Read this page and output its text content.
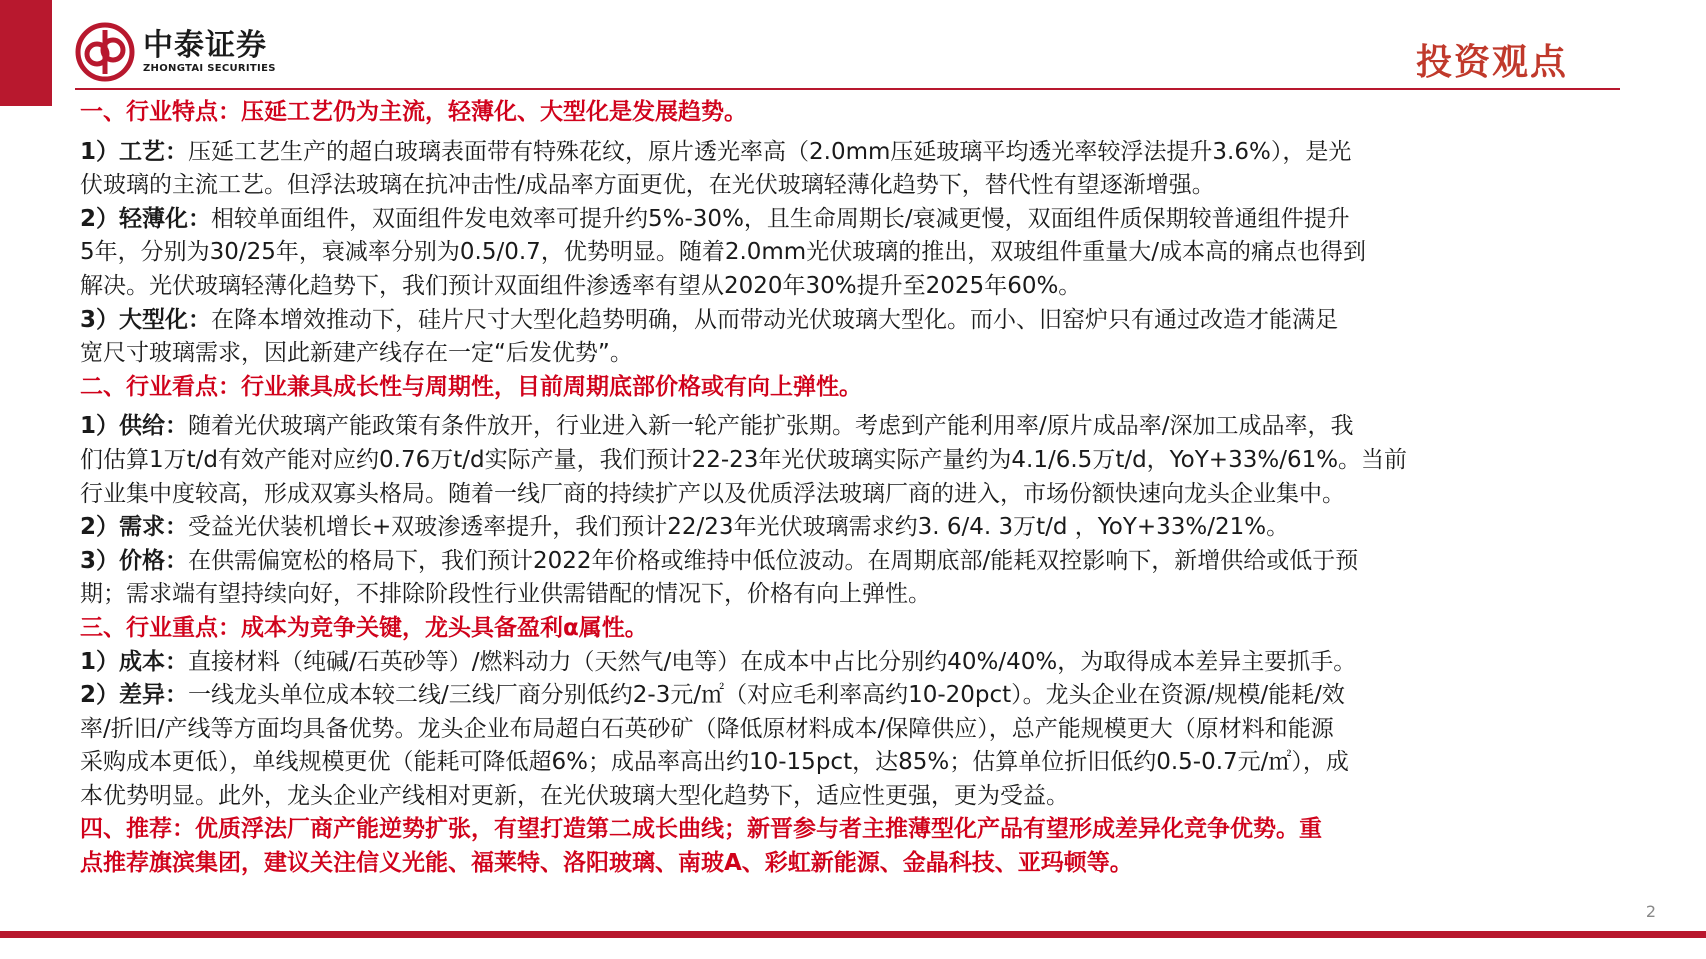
中泰证券
ZHONGTAI SECURITIES	投资观点
一、行业特点：压延工艺仍为主流，轻薄化、大型化是发展趋势。
1）工艺：压延工艺生产的超白玻璃表面带有特殊花纹，原片透光率高（2.0mm压延玻璃平均透光率较浮法提升3.6%），是光
伏玻璃的主流工艺。但浮法玻璃在抗冲击性/成品率方面更优，在光伏玻璃轻薄化趋势下，替代性有望逐渐增强。
2）轻薄化：相较单面组件，双面组件发电效率可提升约5%-30%，且生命周期长/衰减更慢，双面组件质保期较普通组件提升
5年，分别为30/25年，衰减率分别为0.5/0.7，优势明显。随着2.0mm光伏玻璃的推出，双玻组件重量大/成本高的痛点也得到
解决。光伏玻璃轻薄化趋势下，我们预计双面组件渗透率有望从2020年30%提升至2025年60%。
3）大型化：在降本增效推动下，硅片尺寸大型化趋势明确，从而带动光伏玻璃大型化。而小、旧窑炉只有通过改造才能满足
宽尺寸玻璃需求，因此新建产线存在一定“后发优势”。
二、行业看点：行业兼具成长性与周期性，目前周期底部价格或有向上弹性。
1）供给：随着光伏玻璃产能政策有条件放开，行业进入新一轮产能扩张期。考虑到产能利用率/原片成品率/深加工成品率，我
们估算1万t/d有效产能对应约0.76万t/d实际产量，我们预计22-23年光伏玻璃实际产量约为4.1/6.5万t/d，YoY+33%/61%。当前
行业集中度较高，形成双寡头格局。随着一线厂商的持续扩产以及优质浮法玻璃厂商的进入，市场份额快速向龙头企业集中。
2）需求：受益光伏装机增长+双玻渗透率提升，我们预计22/23年光伏玻璃需求约3. 6/4. 3万t/d ，YoY+33%/21%。
3）价格：在供需偏宽松的格局下，我们预计2022年价格或维持中低位波动。在周期底部/能耗双控影响下，新增供给或低于预
期；需求端有望持续向好，不排除阶段性行业供需错配的情况下，价格有向上弹性。
三、行业重点：成本为竞争关键，龙头具备盈利α属性。
1）成本：直接材料（纯碱/石英砂等）/燃料动力（天然气/电等）在成本中占比分别约40%/40%，为取得成本差异主要抓手。
2）差异：一线龙头单位成本较二线/三线厂商分别低约2-3元/㎡（对应毛利率高约10-20pct）。龙头企业在资源/规模/能耗/效
率/折旧/产线等方面均具备优势。龙头企业布局超白石英砂矿（降低原材料成本/保障供应），总产能规模更大（原材料和能源
采购成本更低），单线规模更优（能耗可降低超6%；成品率高出约10-15pct，达85%；估算单位折旧低约0.5-0.7元/㎡），成
本优势明显。此外，龙头企业产线相对更新，在光伏玻璃大型化趋势下，适应性更强，更为受益。
四、推荐：优质浮法厂商产能逆势扩张，有望打造第二成长曲线；新晋参与者主推薄型化产品有望形成差异化竞争优势。重
点推荐旗滨集团，建议关注信义光能、福莱特、洛阳玻璃、南玻A、彩虹新能源、金晶科技、亚玛顿等。
2
